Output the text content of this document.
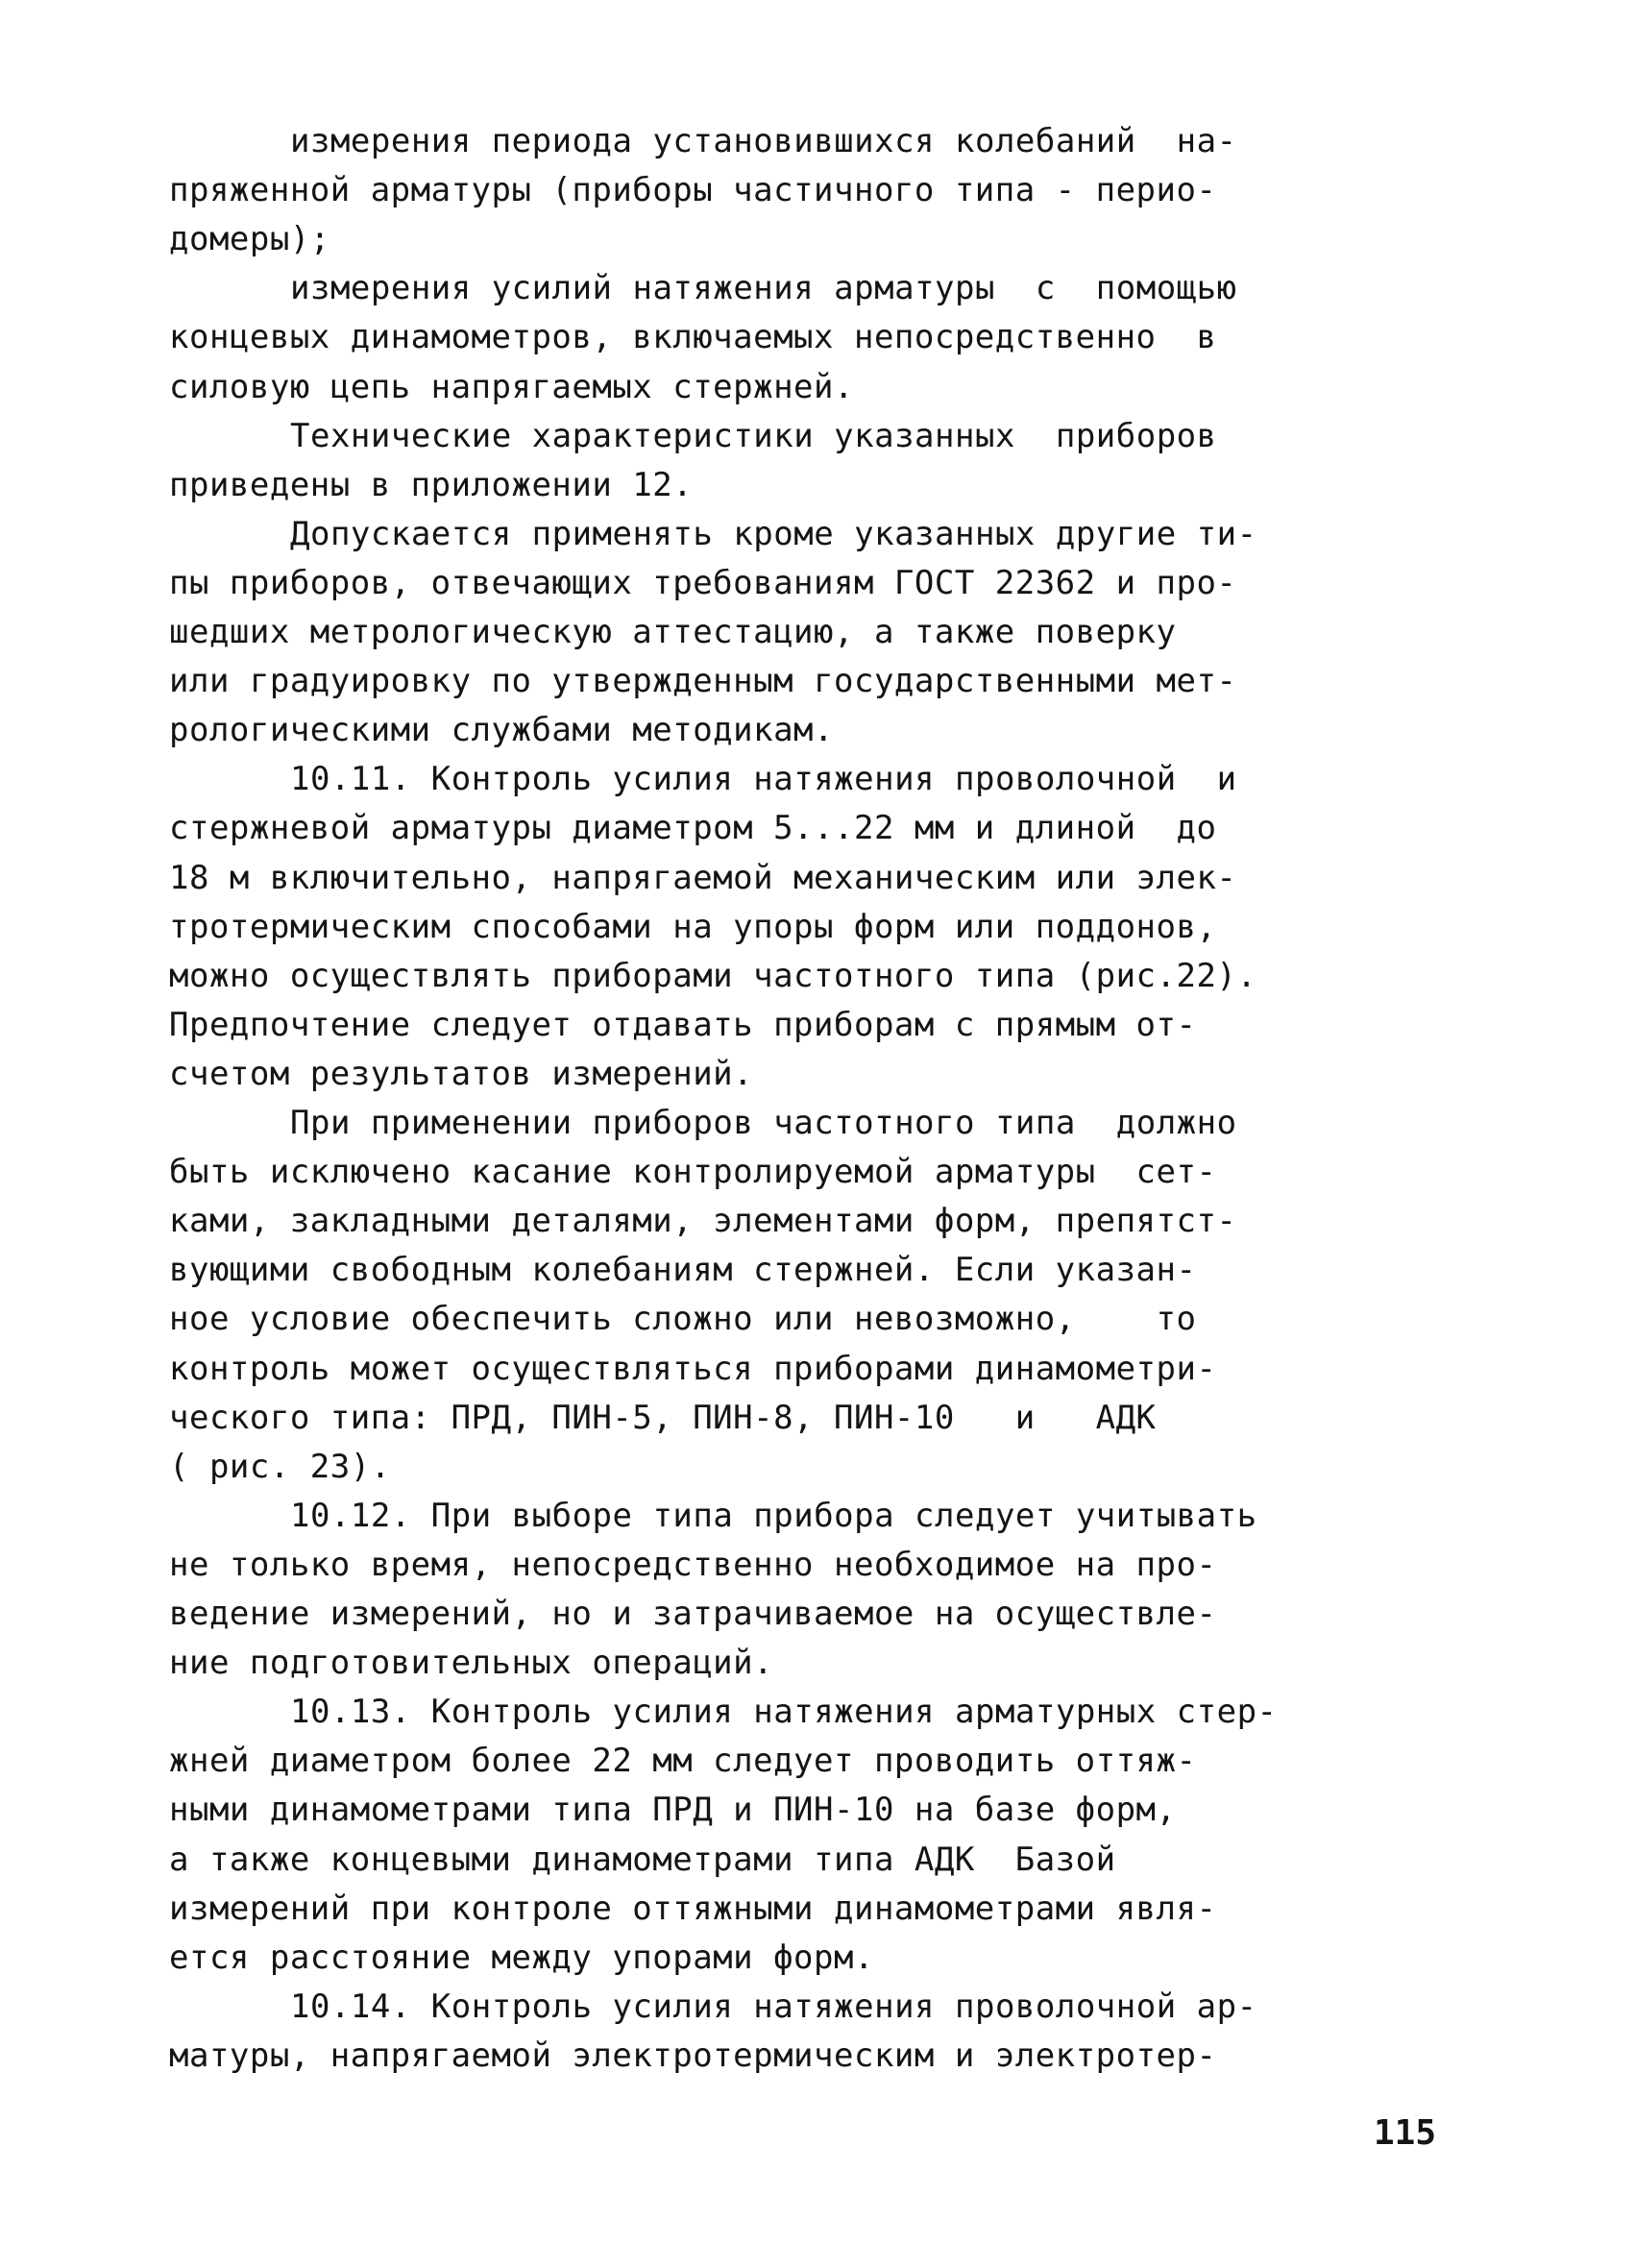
измерения периода установившихся колебаний  на-
пряженной арматуры (приборы частичного типа - перио-
домеры);
измерения усилий натяжения арматуры  с  помощью
концевых динамометров, включаемых непосредственно  в
силовую цепь напрягаемых стержней.
Технические характеристики указанных  приборов
приведены в приложении 12.
Допускается применять кроме указанных другие ти-
пы приборов, отвечающих требованиям ГОСТ 22362 и про-
шедших метрологическую аттестацию, а также поверку
или градуировку по утвержденным государственными мет-
рологическими службами методикам.
10.11. Контроль усилия натяжения проволочной  и
стержневой арматуры диаметром 5...22 мм и длиной  до
18 м включительно, напрягаемой механическим или элек-
тротермическим способами на упоры форм или поддонов,
можно осуществлять приборами частотного типа (рис.22).
Предпочтение следует отдавать приборам с прямым от-
счетом результатов измерений.
При применении приборов частотного типа  должно
быть исключено касание контролируемой арматуры  сет-
ками, закладными деталями, элементами форм, препятст-
вующими свободным колебаниям стержней. Если указан-
ное условие обеспечить сложно или невозможно,    то
контроль может осуществляться приборами динамометри-
ческого типа: ПРД, ПИН-5, ПИН-8, ПИН-10   и   АДК
( рис. 23).
10.12. При выборе типа прибора следует учитывать
не только время, непосредственно необходимое на про-
ведение измерений, но и затрачиваемое на осуществле-
ние подготовительных операций.
10.13. Контроль усилия натяжения арматурных стер-
жней диаметром более 22 мм следует проводить оттяж-
ными динамометрами типа ПРД и ПИН-10 на базе форм,
а также концевыми динамометрами типа АДК  Базой
измерений при контроле оттяжными динамометрами явля-
ется расстояние между упорами форм.
10.14. Контроль усилия натяжения проволочной ар-
матуры, напрягаемой электротермическим и электротер-
115
